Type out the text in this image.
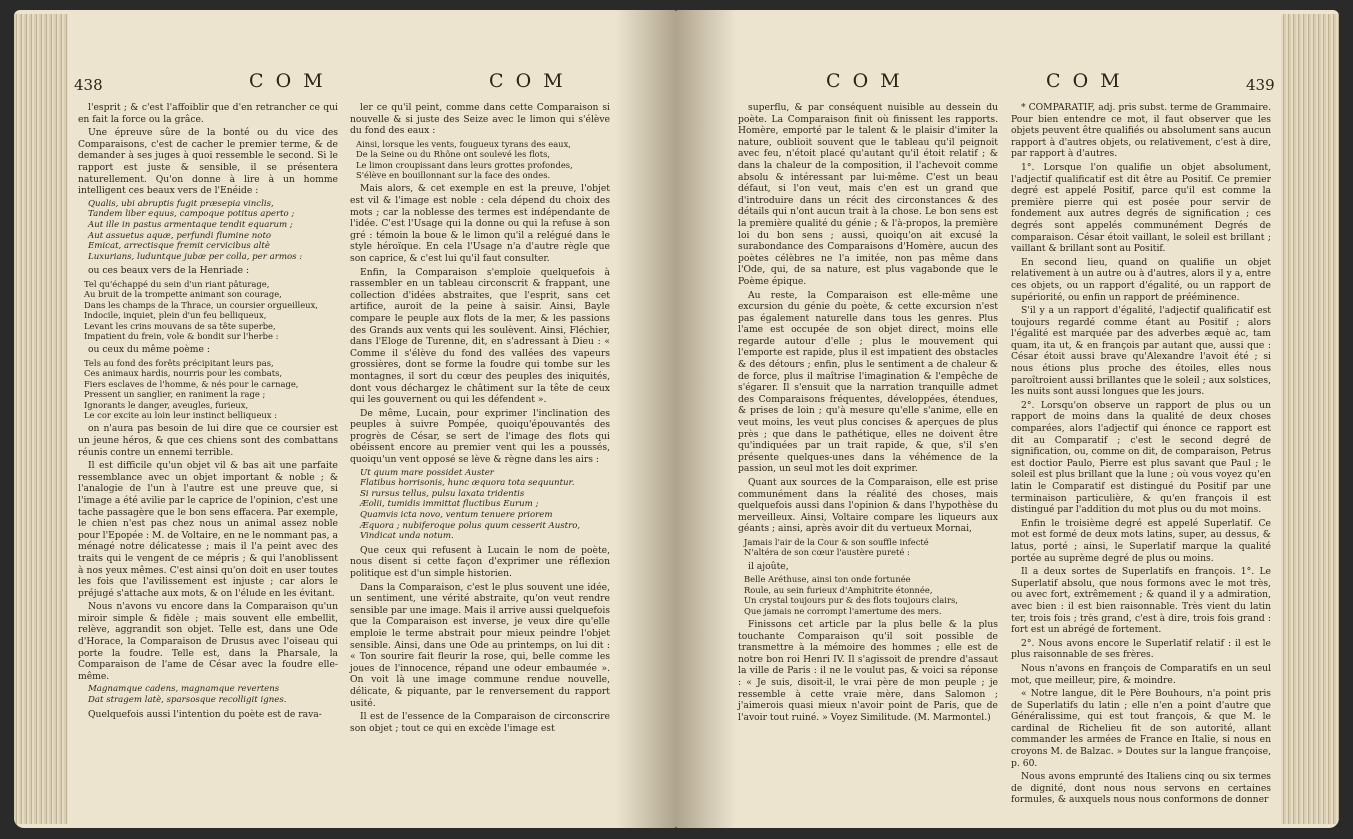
438	C O M	C O M

l'esprit ; & c'est l'affoiblir que d'en retrancher ce qui en fait la force ou la grâce.

Une épreuve sûre de la bonté ou du vice des Comparaisons, c'est de cacher le premier terme, & de demander à ses juges à quoi ressemble le second. Si le rapport est juste & sensible, il se présentera naturellement. Qu'on donne à lire à un homme intelligent ces beaux vers de l'Enéide :

Qualis, ubi abruptis fugit præsepia vinclis,
Tandem liber equus, campoque potitus aperto ;
Aut ille in pastus armentaque tendit equarum ;
Aut assuetus aquæ, perfundi flumine noto
Emicat, arrectisque fremit cervicibus altè
Luxurians, luduntque jubæ per colla, per armos :

ou ces beaux vers de la Henriade :

Tel qu'échappé du sein d'un riant pâturage,
Au bruit de la trompette animant son courage,
Dans les champs de la Thrace, un coursier orgueilleux,
Indocile, inquiet, plein d'un feu belliqueux,
Levant les crins mouvans de sa tête superbe,
Impatient du frein, vole & bondit sur l'herbe :

ou ceux du même poème :

Tels au fond des forêts précipitant leurs pas,
Ces animaux hardis, nourris pour les combats,
Fiers esclaves de l'homme, & nés pour le carnage,
Pressent un sanglier, en raniment la rage ;
Ignorants le danger, aveugles, furieux,
Le cor excite au loin leur instinct belliqueux :

on n'aura pas besoin de lui dire que ce coursier est un jeune héros, & que ces chiens sont des combattans réunis contre un ennemi terrible.

Il est difficile qu'un objet vil & bas ait une parfaite ressemblance avec un objet important & noble ; & l'analogie de l'un à l'autre est une preuve que, si l'image a été avilie par le caprice de l'opinion, c'est une tache passagère que le bon sens effacera. Par exemple, le chien n'est pas chez nous un animal assez noble pour l'Epopée : M. de Voltaire, en ne le nommant pas, a ménagé notre délicatesse ; mais il l'a peint avec des traits qui le vengent de ce mépris ; & qui l'anoblissent à nos yeux mêmes. C'est ainsi qu'on doit en user toutes les fois que l'avilissement est injuste ; car alors le préjugé s'attache aux mots, & on l'élude en les évitant.

Nous n'avons vu encore dans la Comparaison qu'un miroir simple & fidèle ; mais souvent elle embellit, relève, aggrandit son objet. Telle est, dans une Ode d'Horace, la Comparaison de Drusus avec l'oiseau qui porte la foudre. Telle est, dans la Pharsale, la Comparaison de l'ame de César avec la foudre elle-même.

Magnamque cadens, magnamque revertens
Dat stragem latè, sparsosque recolligit ignes.

Quelquefois aussi l'intention du poète est de rava-

ler ce qu'il peint, comme dans cette Comparaison si nouvelle & si juste des Seize avec le limon qui s'élève du fond des eaux :

Ainsi, lorsque les vents, fougueux tyrans des eaux,
De la Seine ou du Rhône ont soulevé les flots,
Le limon croupissant dans leurs grottes profondes,
S'élève en bouillonnant sur la face des ondes.

Mais alors, & cet exemple en est la preuve, l'objet est vil & l'image est noble : cela dépend du choix des mots ; car la noblesse des termes est indépendante de l'idée. C'est l'Usage qui la donne ou qui la refuse à son gré : témoin la boue & le limon qu'il a relégué dans le style héroïque. En cela l'Usage n'a d'autre règle que son caprice, & c'est lui qu'il faut consulter.

Enfin, la Comparaison s'emploie quelquefois à rassembler en un tableau circonscrit & frappant, une collection d'idées abstraites, que l'esprit, sans cet artifice, auroit de la peine à saisir. Ainsi, Bayle compare le peuple aux flots de la mer, & les passions des Grands aux vents qui les soulèvent. Ainsi, Fléchier, dans l'Eloge de Turenne, dit, en s'adressant à Dieu : « Comme il s'élève du fond des vallées des vapeurs grossières, dont se forme la foudre qui tombe sur les montagnes, il sort du cœur des peuples des iniquités, dont vous déchargez le châtiment sur la tête de ceux qui les gouvernent ou qui les défendent ».

De même, Lucain, pour exprimer l'inclination des peuples à suivre Pompée, quoiqu'épouvantés des progrès de César, se sert de l'image des flots qui obéissent encore au premier vent qui les a poussés, quoiqu'un vent opposé se lève & règne dans les airs :

Ut quum mare possidet Auster
Flatibus horrisonis, hunc æquora tota sequuntur.
Si rursus tellus, pulsu laxata tridentis
Æolii, tumidis immittat fluctibus Eurum ;
Quamvis icta novo, ventum tenuere priorem
Æquora ; nubiferoque polus quum cesserit Austro,
Vindicat unda notum.

Que ceux qui refusent à Lucain le nom de poète, nous disent si cette façon d'exprimer une réflexion politique est d'un simple historien.

Dans la Comparaison, c'est le plus souvent une idée, un sentiment, une vérité abstraite, qu'on veut rendre sensible par une image. Mais il arrive aussi quelquefois que la Comparaison est inverse, je veux dire qu'elle emploie le terme abstrait pour mieux peindre l'objet sensible. Ainsi, dans une Ode au printemps, on lui dit : « Ton sourire fait fleurir la rose, qui, belle comme les joues de l'innocence, répand une odeur embaumée ». On voit là une image commune rendue nouvelle, délicate, & piquante, par le renversement du rapport usité.

Il est de l'essence de la Comparaison de circonscrire son objet ; tout ce qui en excède l'image est

C O M	C O M	439

superflu, & par conséquent nuisible au dessein du poète. La Comparaison finit où finissent les rapports. Homère, emporté par le talent & le plaisir d'imiter la nature, oublioit souvent que le tableau qu'il peignoit avec feu, n'étoit placé qu'autant qu'il étoit relatif ; & dans la chaleur de la composition, il l'achevoit comme absolu & intéressant par lui-même. C'est un beau défaut, si l'on veut, mais c'en est un grand que d'introduire dans un récit des circonstances & des détails qui n'ont aucun trait à la chose. Le bon sens est la première qualité du génie ; & l'à-propos, la première loi du bon sens ; aussi, quoiqu'on ait excusé la surabondance des Comparaisons d'Homère, aucun des poètes célèbres ne l'a imitée, non pas même dans l'Ode, qui, de sa nature, est plus vagabonde que le Poème épique.

Au reste, la Comparaison est elle-même une excursion du génie du poète, & cette excursion n'est pas également naturelle dans tous les genres. Plus l'ame est occupée de son objet direct, moins elle regarde autour d'elle ; plus le mouvement qui l'emporte est rapide, plus il est impatient des obstacles & des détours ; enfin, plus le sentiment a de chaleur & de force, plus il maîtrise l'imagination & l'empêche de s'égarer. Il s'ensuit que la narration tranquille admet des Comparaisons fréquentes, développées, étendues, & prises de loin ; qu'à mesure qu'elle s'anime, elle en veut moins, les veut plus concises & aperçues de plus près ; que dans le pathétique, elles ne doivent être qu'indiquées par un trait rapide, & que, s'il s'en présente quelques-unes dans la véhémence de la passion, un seul mot les doit exprimer.

Quant aux sources de la Comparaison, elle est prise communément dans la réalité des choses, mais quelquefois aussi dans l'opinion & dans l'hypothèse du merveilleux. Ainsi, Voltaire compare les liqueurs aux géants ; ainsi, après avoir dit du vertueux Mornai,

Jamais l'air de la Cour & son souffle infecté
N'altéra de son cœur l'austère pureté :

il ajoûte,

Belle Aréthuse, ainsi ton onde fortunée
Roule, au sein furieux d'Amphitrite étonnée,
Un crystal toujours pur & des flots toujours clairs,
Que jamais ne corrompt l'amertume des mers.

Finissons cet article par la plus belle & la plus touchante Comparaison qu'il soit possible de transmettre à la mémoire des hommes ; elle est de notre bon roi Henri IV. Il s'agissoit de prendre d'assaut la ville de Paris : il ne le voulut pas, & voici sa réponse : « Je suis, disoit-il, le vrai père de mon peuple ; je ressemble à cette vraie mère, dans Salomon ; j'aimerois quasi mieux n'avoir point de Paris, que de l'avoir tout ruiné. » Voyez Similitude. (M. Marmontel.)

* COMPARATIF, adj. pris subst. terme de Grammaire. Pour bien entendre ce mot, il faut observer que les objets peuvent être qualifiés ou absolument sans aucun rapport à d'autres objets, ou relativement, c'est à dire, par rapport à d'autres.

1°. Lorsque l'on qualifie un objet absolument, l'adjectif qualificatif est dit être au Positif. Ce premier degré est appelé Positif, parce qu'il est comme la première pierre qui est posée pour servir de fondement aux autres degrés de signification ; ces degrés sont appelés communément Degrés de comparaison. César étoit vaillant, le soleil est brillant ; vaillant & brillant sont au Positif.

En second lieu, quand on qualifie un objet relativement à un autre ou à d'autres, alors il y a, entre ces objets, ou un rapport d'égalité, ou un rapport de supériorité, ou enfin un rapport de prééminence.

S'il y a un rapport d'égalité, l'adjectif qualificatif est toujours regardé comme étant au Positif ; alors l'égalité est marquée par des adverbes æquè ac, tam quam, ita ut, & en françois par autant que, aussi que : César étoit aussi brave qu'Alexandre l'avoit été ; si nous étions plus proche des étoiles, elles nous paroîtroient aussi brillantes que le soleil ; aux solstices, les nuits sont aussi longues que les jours.

2°. Lorsqu'on observe un rapport de plus ou un rapport de moins dans la qualité de deux choses comparées, alors l'adjectif qui énonce ce rapport est dit au Comparatif ; c'est le second degré de signification, ou, comme on dit, de comparaison, Petrus est doctior Paulo, Pierre est plus savant que Paul ; le soleil est plus brillant que la lune ; où vous voyez qu'en latin le Comparatif est distingué du Positif par une terminaison particulière, & qu'en françois il est distingué par l'addition du mot plus ou du mot moins.

Enfin le troisième degré est appelé Superlatif. Ce mot est formé de deux mots latins, super, au dessus, & latus, porté ; ainsi, le Superlatif marque la qualité portée au suprème degré de plus ou moins.

Il a deux sortes de Superlatifs en françois. 1°. Le Superlatif absolu, que nous formons avec le mot très, ou avec fort, extrêmement ; & quand il y a admiration, avec bien : il est bien raisonnable. Très vient du latin ter, trois fois ; très grand, c'est à dire, trois fois grand : fort est un abrégé de fortement.

2°. Nous avons encore le Superlatif relatif : il est le plus raisonnable de ses frères.

Nous n'avons en françois de Comparatifs en un seul mot, que meilleur, pire, & moindre.

« Notre langue, dit le Père Bouhours, n'a point pris de Superlatifs du latin ; elle n'en a point d'autre que Généralissime, qui est tout françois, & que M. le cardinal de Richelieu fit de son autorité, allant commander les armées de France en Italie, si nous en croyons M. de Balzac. » Doutes sur la langue françoise, p. 60.

Nous avons emprunté des Italiens cinq ou six termes de dignité, dont nous nous servons en certaines formules, & auxquels nous nous conformons de donner
